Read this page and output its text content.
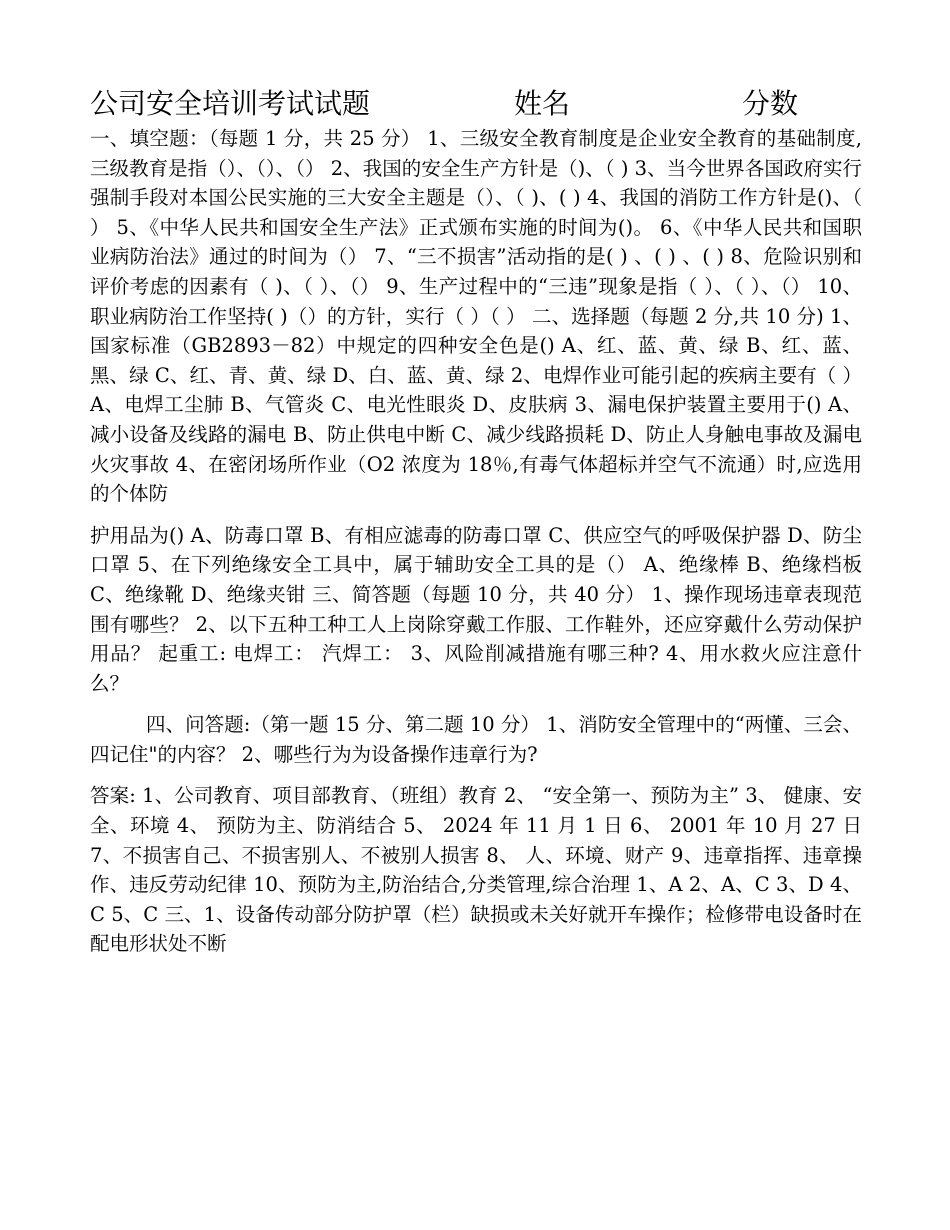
公司安全培训考试试题	姓名	分数

一、填空题：（每题 1 分，共 25 分） 1、三级安全教育制度是企业安全教育的基础制度,三级教育是指（）、（）、（） 2、我国的安全生产方针是（)、（ ) 3、当今世界各国政府实行强制手段对本国公民实施的三大安全主题是（）、（ )、( ) 4、我国的消防工作方针是()、（ ） 5、《中华人民共和国安全生产法》正式颁布实施的时间为()。 6、《中华人民共和国职业病防治法》通过的时间为（） 7、“三不损害”活动指的是( ) 、( ) 、( ) 8、危险识别和评价考虑的因素有（ )、（ ）、（） 9、生产过程中的“三违”现象是指（ ）、（ ）、（） 10、职业病防治工作坚持( )（）的方针，实行（ ）（ ） 二、选择题（每题 2 分,共 10 分) 1、国家标准（GB2893－82）中规定的四种安全色是() A、红、蓝、黄、绿 B、红、蓝、黑、绿 C、红、青、黄、绿 D、白、蓝、黄、绿 2、电焊作业可能引起的疾病主要有（ ） A、电焊工尘肺 B、气管炎 C、电光性眼炎 D、皮肤病 3、漏电保护装置主要用于() A、减小设备及线路的漏电 B、防止供电中断 C、减少线路损耗 D、防止人身触电事故及漏电火灾事故 4、在密闭场所作业（O2 浓度为 18％,有毒气体超标并空气不流通）时,应选用的个体防

护用品为() A、防毒口罩 B、有相应滤毒的防毒口罩 C、供应空气的呼吸保护器 D、防尘口罩 5、在下列绝缘安全工具中，属于辅助安全工具的是（） A、绝缘棒 B、绝缘档板 C、绝缘靴 D、绝缘夹钳 三、简答题（每题 10 分，共 40 分） 1、操作现场违章表现范围有哪些？ 2、以下五种工种工人上岗除穿戴工作服、工作鞋外，还应穿戴什么劳动保护用品？ 起重工: 电焊工： 汽焊工： 3、风险削减措施有哪三种? 4、用水救火应注意什么？

四、问答题:（第一题 15 分、第二题 10 分） 1、消防安全管理中的“两懂、三会、四记住"的内容？ 2、哪些行为为设备操作违章行为?

答案: 1、公司教育、项目部教育、（班组）教育 2、 “安全第一、预防为主” 3、 健康、安全、环境 4、 预防为主、防消结合 5、 2024 年 11 月 1 日 6、 2001 年 10 月 27 日 7、不损害自己、不损害别人、不被别人损害 8、 人、环境、财产 9、违章指挥、违章操作、违反劳动纪律 10、预防为主,防治结合,分类管理,综合治理 1、A 2、A、C 3、D 4、C 5、C 三、1、设备传动部分防护罩（栏）缺损或未关好就开车操作；检修带电设备时在配电形状处不断
